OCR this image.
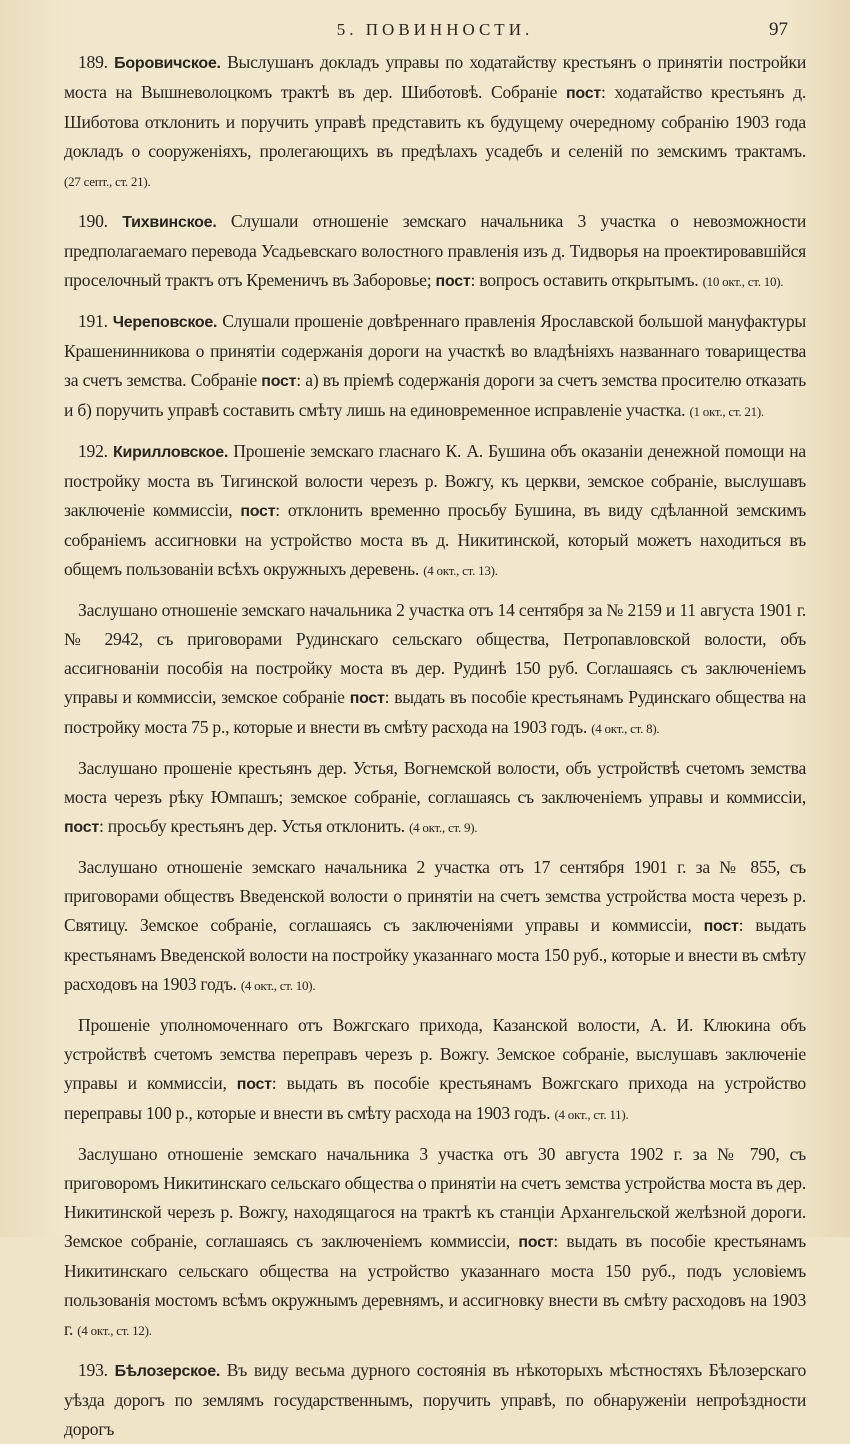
5. ПОВИННОСТИ.	97

189. Боровичское. Выслушанъ докладъ управы по ходатайству крестьянъ о принятіи постройки моста на Вышневолоцкомъ трактѣ въ дер. Шиботовѣ. Собраніе пост: ходатайство крестьянъ д. Шиботова отклонить и поручить управѣ представить къ будущему очередному собранію 1903 года докладъ о сооруженіяхъ, пролегающихъ въ предѣлахъ усадебъ и селеній по земскимъ трактамъ. (27 септ., ст. 21).

190. Тихвинское. Слушали отношеніе земскаго начальника 3 участка о невозможности предполагаемаго перевода Усадьевскаго волостного правленія изъ д. Тидворья на проектировавшійся проселочный трактъ отъ Кременичъ въ Заборовье; пост: вопросъ оставить открытымъ. (10 окт., ст. 10).

191. Череповское. Слушали прошеніе довѣреннаго правленія Ярославской большой мануфактуры Крашенинникова о принятіи содержанія дороги на участкѣ во владѣніяхъ названнаго товарищества за счетъ земства. Собраніе пост: а) въ пріемѣ содержанія дороги за счетъ земства просителю отказать и б) поручить управѣ составить смѣту лишь на единовременное исправленіе участка. (1 окт., ст. 21).

192. Кирилловское. Прошеніе земскаго гласнаго К. А. Бушина объ оказаніи денежной помощи на постройку моста въ Тигинской волости черезъ р. Вожгу, къ церкви, земское собраніе, выслушавъ заключеніе коммиссіи, пост: отклонить временно просьбу Бушина, въ виду сдѣланной земскимъ собраніемъ ассигновки на устройство моста въ д. Никитинской, который можетъ находиться въ общемъ пользованіи всѣхъ окружныхъ деревень. (4 окт., ст. 13).

Заслушано отношеніе земскаго начальника 2 участка отъ 14 сентября за № 2159 и 11 августа 1901 г. № 2942, съ приговорами Рудинскаго сельскаго общества, Петропавловской волости, объ ассигнованіи пособія на постройку моста въ дер. Рудинѣ 150 руб. Соглашаясь съ заключеніемъ управы и коммиссіи, земское собраніе пост: выдать въ пособіе крестьянамъ Рудинскаго общества на постройку моста 75 р., которые и внести въ смѣту расхода на 1903 годъ. (4 окт., ст. 8).

Заслушано прошеніе крестьянъ дер. Устья, Вогнемской волости, объ устройствѣ счетомъ земства моста черезъ рѣку Юмпашъ; земское собраніе, соглашаясь съ заключеніемъ управы и коммиссіи, пост: просьбу крестьянъ дер. Устья отклонить. (4 окт., ст. 9).

Заслушано отношеніе земскаго начальника 2 участка отъ 17 сентября 1901 г. за № 855, съ приговорами обществъ Введенской волости о принятіи на счетъ земства устройства моста черезъ р. Святицу. Земское собраніе, соглашаясь съ заключеніями управы и коммиссіи, пост: выдать крестьянамъ Введенской волости на постройку указаннаго моста 150 руб., которые и внести въ смѣту расходовъ на 1903 годъ. (4 окт., ст. 10).

Прошеніе уполномоченнаго отъ Вожгскаго прихода, Казанской волости, А. И. Клюкина объ устройствѣ счетомъ земства переправъ черезъ р. Вожгу. Земское собраніе, выслушавъ заключеніе управы и коммиссіи, пост: выдать въ пособіе крестьянамъ Вожгскаго прихода на устройство переправы 100 р., которые и внести въ смѣту расхода на 1903 годъ. (4 окт., ст. 11).

Заслушано отношеніе земскаго начальника 3 участка отъ 30 августа 1902 г. за № 790, съ приговоромъ Никитинскаго сельскаго общества о принятіи на счетъ земства устройства моста въ дер. Никитинской черезъ р. Вожгу, находящагося на трактѣ къ станціи Архангельской желѣзной дороги. Земское собраніе, соглашаясь съ заключеніемъ коммиссіи, пост: выдать въ пособіе крестьянамъ Никитинскаго сельскаго общества на устройство указаннаго моста 150 руб., подъ условіемъ пользованія мостомъ всѣмъ окружнымъ деревнямъ, и ассигновку внести въ смѣту расходовъ на 1903 г. (4 окт., ст. 12).

193. Бѣлозерское. Въ виду весьма дурного состоянія въ нѣкоторыхъ мѣстностяхъ Бѣлозерскаго уѣзда дорогъ по землямъ государственнымъ, поручить управѣ, по обнаруженіи непроѣздности дорогъ
